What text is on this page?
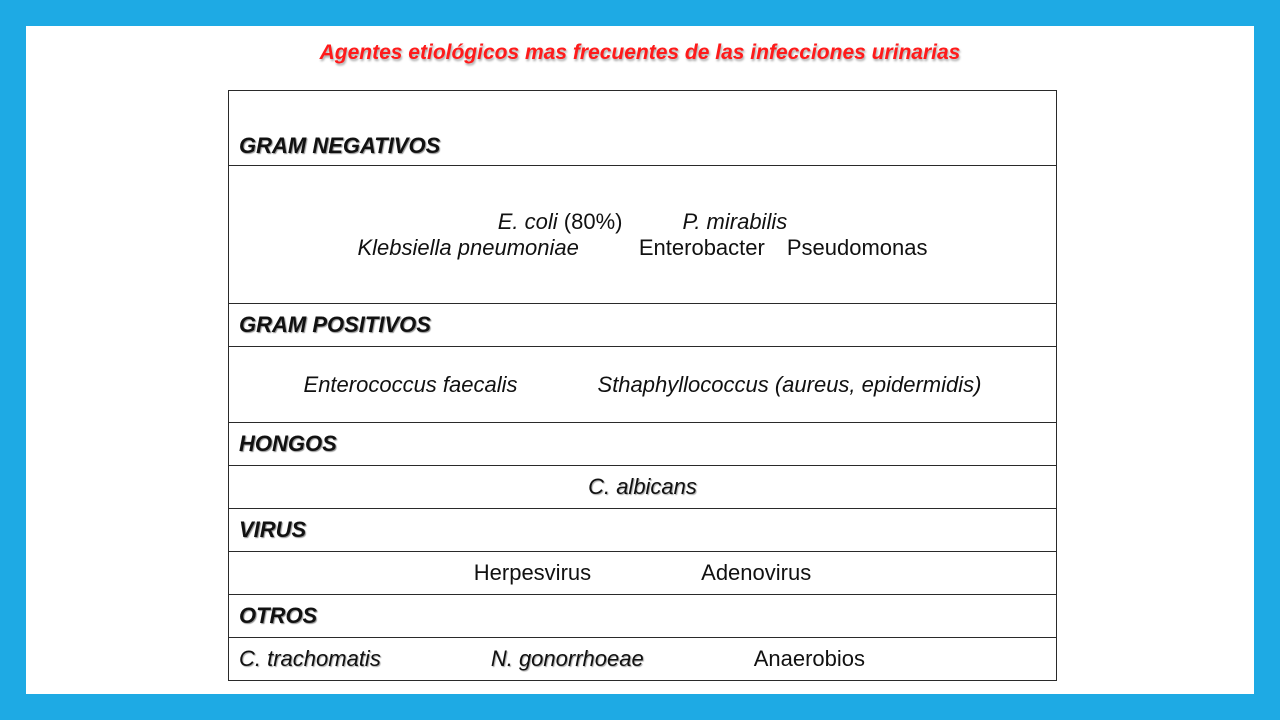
Agentes etiológicos mas frecuentes de las infecciones urinarias
GRAM NEGATIVOS

E. coli (80%)	P. mirabilis
Klebsiella pneumoniae	Enterobacter Pseudomonas

GRAM POSITIVOS
Enterococcus faecalis	Sthaphyllococcus (aureus, epidermidis)
HONGOS
C. albicans
VIRUS
Herpesvirus	Adenovirus
OTROS
C. trachomatis	N. gonorrhoeae	Anaerobios
